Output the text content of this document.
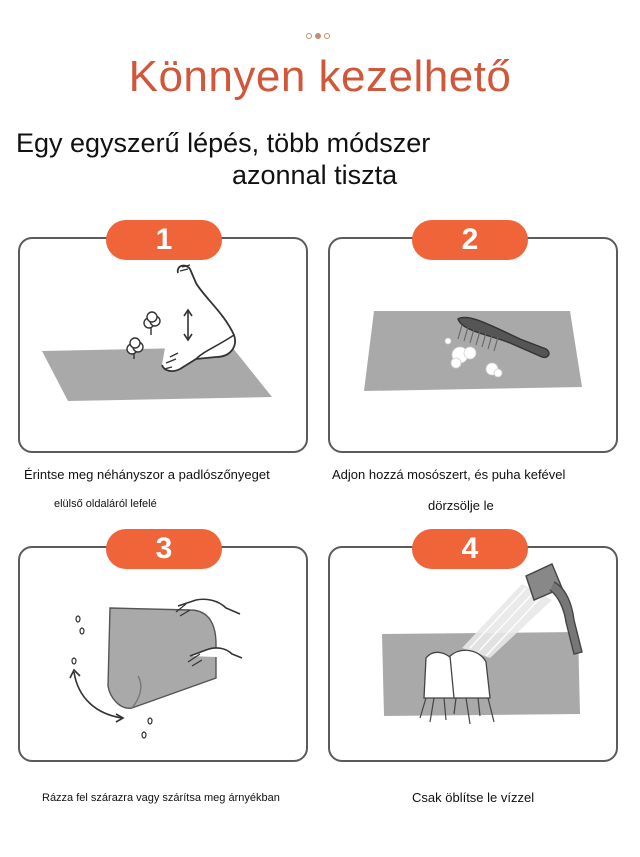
Könnyen kezelhető
Egy egyszerű lépés, több módszer
azonnal tiszta
1
Érintse meg néhányszor a padlószőnyeget
elülső oldaláról lefelé
2
Adjon hozzá mosószert, és puha kefével
dörzsölje le
3
Rázza fel szárazra vagy szárítsa meg árnyékban
4
Csak öblítse le vízzel
